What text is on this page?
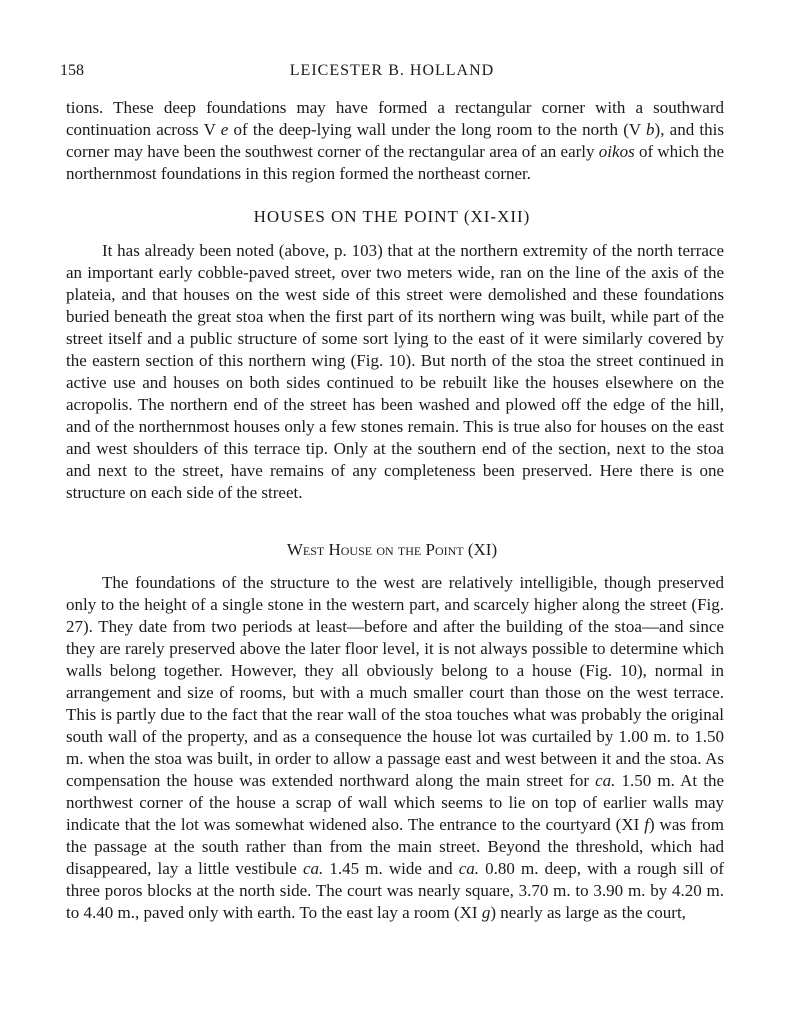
158	LEICESTER B. HOLLAND

tions. These deep foundations may have formed a rectangular corner with a southward continuation across V e of the deep-lying wall under the long room to the north (V b), and this corner may have been the southwest corner of the rectangular area of an early oikos of which the northernmost foundations in this region formed the northeast corner.

HOUSES ON THE POINT (XI-XII)

It has already been noted (above, p. 103) that at the northern extremity of the north terrace an important early cobble-paved street, over two meters wide, ran on the line of the axis of the plateia, and that houses on the west side of this street were demolished and these foundations buried beneath the great stoa when the first part of its northern wing was built, while part of the street itself and a public structure of some sort lying to the east of it were similarly covered by the eastern section of this northern wing (Fig. 10). But north of the stoa the street continued in active use and houses on both sides continued to be rebuilt like the houses elsewhere on the acropolis. The northern end of the street has been washed and plowed off the edge of the hill, and of the northernmost houses only a few stones remain. This is true also for houses on the east and west shoulders of this terrace tip. Only at the southern end of the section, next to the stoa and next to the street, have remains of any completeness been preserved. Here there is one structure on each side of the street.

West House on the Point (XI)

The foundations of the structure to the west are relatively intelligible, though preserved only to the height of a single stone in the western part, and scarcely higher along the street (Fig. 27). They date from two periods at least—before and after the building of the stoa—and since they are rarely preserved above the later floor level, it is not always possible to determine which walls belong together. However, they all obviously belong to a house (Fig. 10), normal in arrangement and size of rooms, but with a much smaller court than those on the west terrace. This is partly due to the fact that the rear wall of the stoa touches what was probably the original south wall of the property, and as a consequence the house lot was curtailed by 1.00 m. to 1.50 m. when the stoa was built, in order to allow a passage east and west between it and the stoa. As compensation the house was extended northward along the main street for ca. 1.50 m. At the northwest corner of the house a scrap of wall which seems to lie on top of earlier walls may indicate that the lot was somewhat widened also. The entrance to the courtyard (XI f) was from the passage at the south rather than from the main street. Beyond the threshold, which had disappeared, lay a little vestibule ca. 1.45 m. wide and ca. 0.80 m. deep, with a rough sill of three poros blocks at the north side. The court was nearly square, 3.70 m. to 3.90 m. by 4.20 m. to 4.40 m., paved only with earth. To the east lay a room (XI g) nearly as large as the court,
